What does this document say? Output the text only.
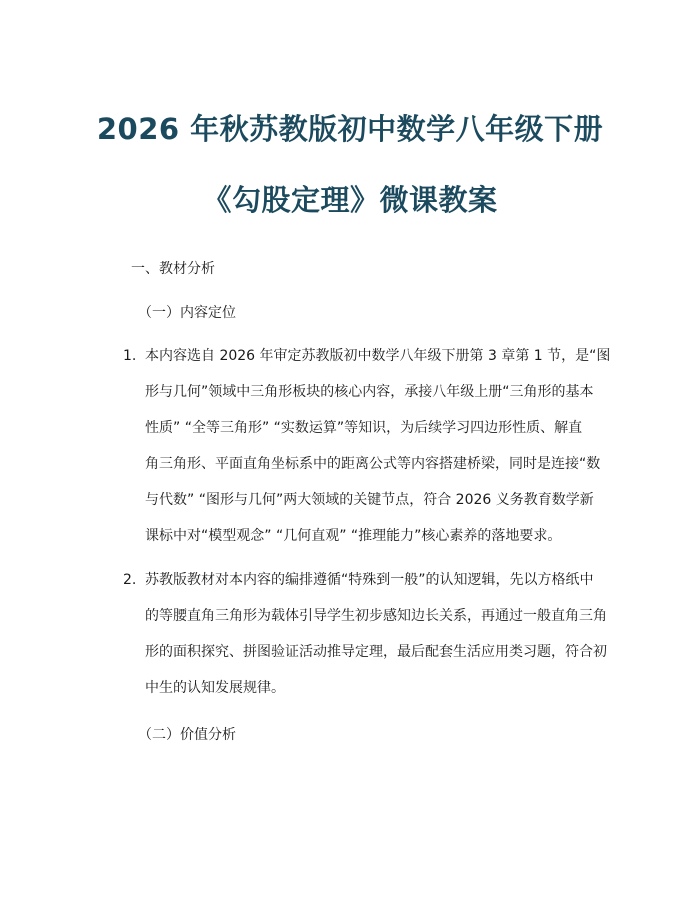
2026 年秋苏教版初中数学八年级下册
《勾股定理》微课教案
一、教材分析
（一）内容定位
1. 本内容选自 2026 年审定苏教版初中数学八年级下册第 3 章第 1 节，是“图
形与几何”领域中三角形板块的核心内容，承接八年级上册“三角形的基本
性质” “全等三角形” “实数运算”等知识，为后续学习四边形性质、解直
角三角形、平面直角坐标系中的距离公式等内容搭建桥梁，同时是连接“数
与代数” “图形与几何”两大领域的关键节点，符合 2026 义务教育数学新
课标中对“模型观念” “几何直观” “推理能力”核心素养的落地要求。
2. 苏教版教材对本内容的编排遵循“特殊到一般”的认知逻辑，先以方格纸中
的等腰直角三角形为载体引导学生初步感知边长关系，再通过一般直角三角
形的面积探究、拼图验证活动推导定理，最后配套生活应用类习题，符合初
中生的认知发展规律。
（二）价值分析
